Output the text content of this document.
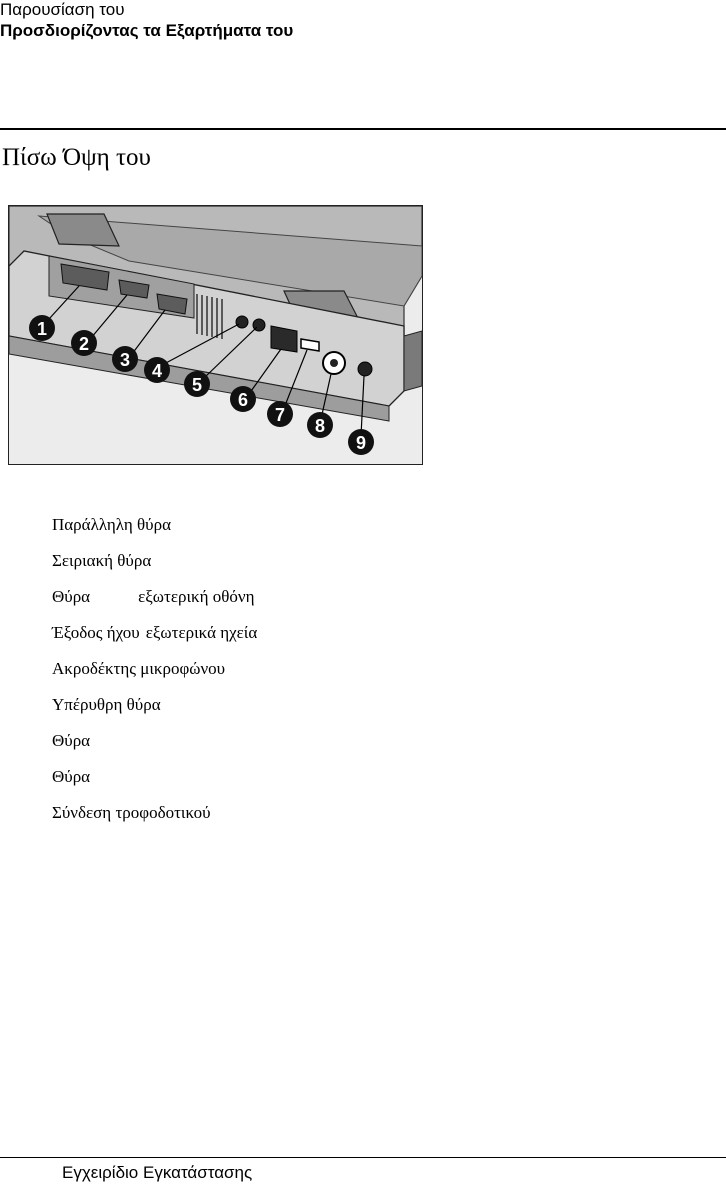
Παρουσίαση του
Προσδιορίζοντας τα Εξαρτήματα του
Πίσω Όψη του
1
2
3
4
5
6
7
8
9
Παράλληλη θύρα
Σειριακή θύρα
Θύρα	εξωτερική οθόνη
Έξοδος ήχου εξωτερικά ηχεία
Ακροδέκτης μικροφώνου
Υπέρυθρη θύρα
Θύρα
Θύρα
Σύνδεση τροφοδοτικού
Εγχειρίδιο Εγκατάστασης
